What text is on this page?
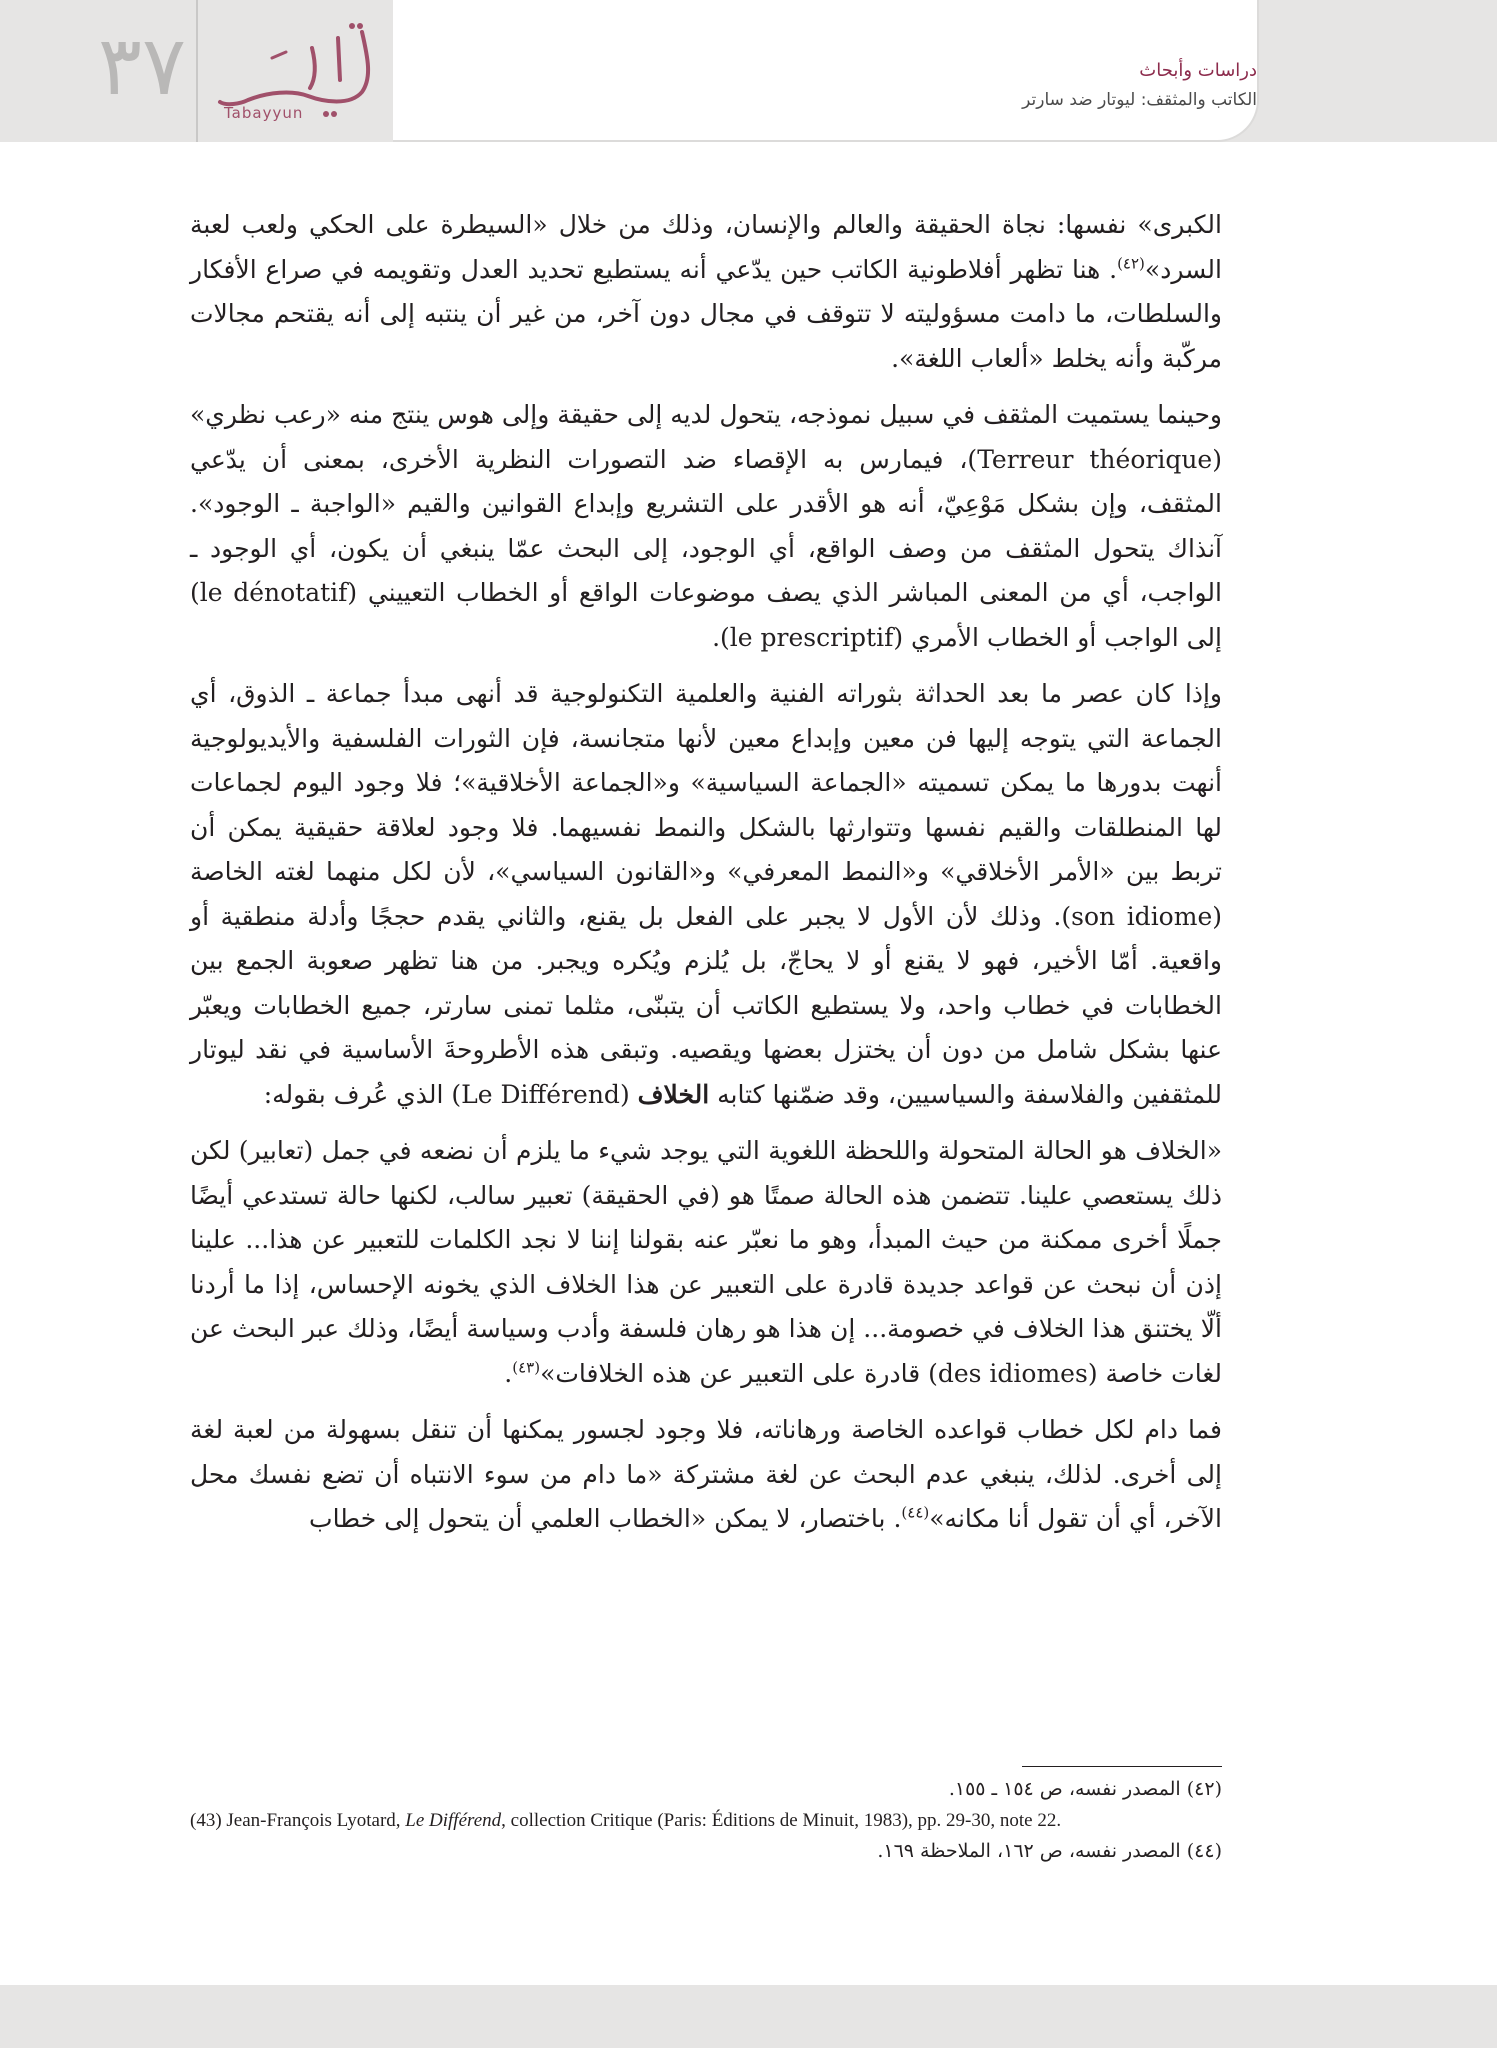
٣٧	Tabayyun
دراسات وأبحاث
الكاتب والمثقف: ليوتار ضد سارتر

الكبرى» نفسها: نجاة الحقيقة والعالم والإنسان، وذلك من خلال «السيطرة على الحكي ولعب لعبة السرد»$^{(٤٢)}$. هنا تظهر أفلاطونية الكاتب حين يدّعي أنه يستطيع تحديد العدل وتقويمه في صراع الأفكار والسلطات، ما دامت مسؤوليته لا تتوقف في مجال دون آخر، من غير أن ينتبه إلى أنه يقتحم مجالات مركّبة وأنه يخلط «ألعاب اللغة».

وحينما يستميت المثقف في سبيل نموذجه، يتحول لديه إلى حقيقة وإلى هوس ينتج منه «رعب نظري» (Terreur théorique)، فيمارس به الإقصاء ضد التصورات النظرية الأخرى، بمعنى أن يدّعي المثقف، وإن بشكل مَوْعِيّ، أنه هو الأقدر على التشريع وإبداع القوانين والقيم «الواجبة ـ الوجود». آنذاك يتحول المثقف من وصف الواقع، أي الوجود، إلى البحث عمّا ينبغي أن يكون، أي الوجود ـ الواجب، أي من المعنى المباشر الذي يصف موضوعات الواقع أو الخطاب التعييني (le dénotatif) إلى الواجب أو الخطاب الأمري (le prescriptif).

وإذا كان عصر ما بعد الحداثة بثوراته الفنية والعلمية التكنولوجية قد أنهى مبدأ جماعة ـ الذوق، أي الجماعة التي يتوجه إليها فن معين وإبداع معين لأنها متجانسة، فإن الثورات الفلسفية والأيديولوجية أنهت بدورها ما يمكن تسميته «الجماعة السياسية» و«الجماعة الأخلاقية»؛ فلا وجود اليوم لجماعات لها المنطلقات والقيم نفسها وتتوارثها بالشكل والنمط نفسيهما. فلا وجود لعلاقة حقيقية يمكن أن تربط بين «الأمر الأخلاقي» و«النمط المعرفي» و«القانون السياسي»، لأن لكل منهما لغته الخاصة (son idiome). وذلك لأن الأول لا يجبر على الفعل بل يقنع، والثاني يقدم حججًا وأدلة منطقية أو واقعية. أمّا الأخير، فهو لا يقنع أو لا يحاجّ، بل يُلزم ويُكره ويجبر. من هنا تظهر صعوبة الجمع بين الخطابات في خطاب واحد، ولا يستطيع الكاتب أن يتبنّى، مثلما تمنى سارتر، جميع الخطابات ويعبّر عنها بشكل شامل من دون أن يختزل بعضها ويقصيه. وتبقى هذه الأطروحةَ الأساسية في نقد ليوتار للمثقفين والفلاسفة والسياسيين، وقد ضمّنها كتابه الخلاف (Le Différend) الذي عُرف بقوله:

«الخلاف هو الحالة المتحولة واللحظة اللغوية التي يوجد شيء ما يلزم أن نضعه في جمل (تعابير) لكن ذلك يستعصي علينا. تتضمن هذه الحالة صمتًا هو (في الحقيقة) تعبير سالب، لكنها حالة تستدعي أيضًا جملًا أخرى ممكنة من حيث المبدأ، وهو ما نعبّر عنه بقولنا إننا لا نجد الكلمات للتعبير عن هذا... علينا إذن أن نبحث عن قواعد جديدة قادرة على التعبير عن هذا الخلاف الذي يخونه الإحساس، إذا ما أردنا ألّا يختنق هذا الخلاف في خصومة... إن هذا هو رهان فلسفة وأدب وسياسة أيضًا، وذلك عبر البحث عن لغات خاصة (des idiomes) قادرة على التعبير عن هذه الخلافات»$^{(٤٣)}$.

فما دام لكل خطاب قواعده الخاصة ورهاناته، فلا وجود لجسور يمكنها أن تنقل بسهولة من لعبة لغة إلى أخرى. لذلك، ينبغي عدم البحث عن لغة مشتركة «ما دام من سوء الانتباه أن تضع نفسك محل الآخر، أي أن تقول أنا مكانه»$^{(٤٤)}$. باختصار، لا يمكن «الخطاب العلمي أن يتحول إلى خطاب

(٤٢) المصدر نفسه، ص ١٥٤ ـ ١٥٥.
(43) Jean-François Lyotard, Le Différend, collection Critique (Paris: Éditions de Minuit, 1983), pp. 29-30, note 22.
(٤٤) المصدر نفسه، ص ١٦٢، الملاحظة ١٦٩.
